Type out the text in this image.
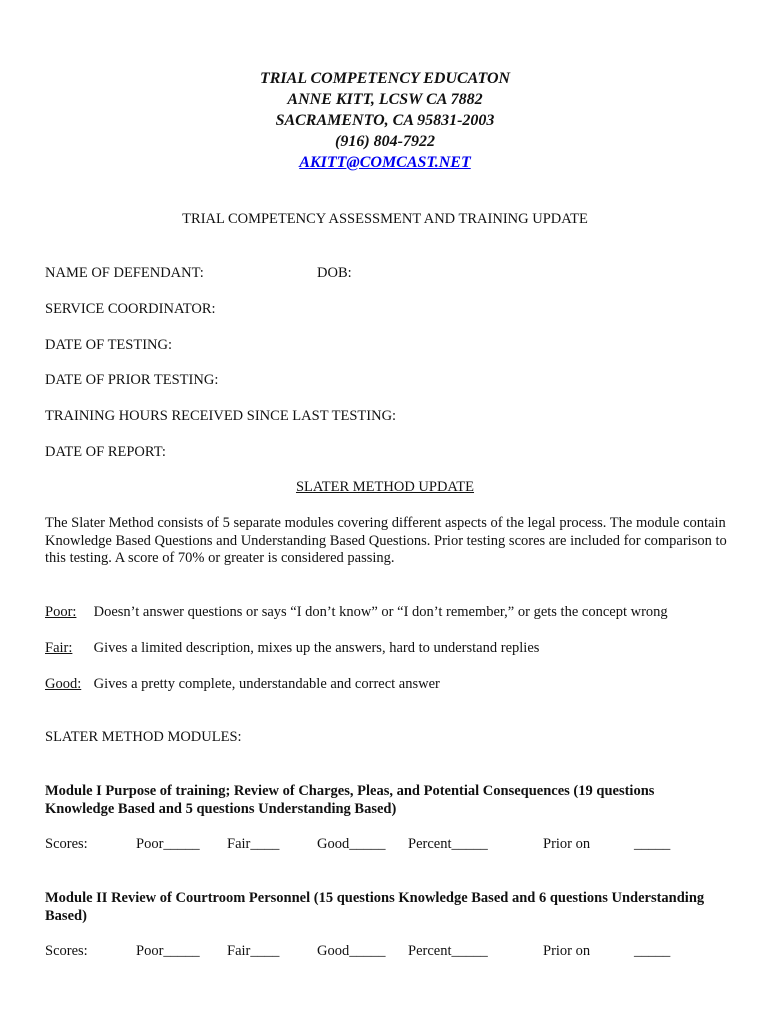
TRIAL COMPETENCY EDUCATON
ANNE KITT, LCSW CA 7882
SACRAMENTO, CA 95831-2003
(916) 804-7922
AKITT@COMCAST.NET
TRIAL COMPETENCY ASSESSMENT AND TRAINING UPDATE
NAME OF DEFENDANT:	DOB:
SERVICE COORDINATOR:
DATE OF TESTING:
DATE OF PRIOR TESTING:
TRAINING HOURS RECEIVED SINCE LAST TESTING:
DATE OF REPORT:
SLATER METHOD UPDATE
The Slater Method consists of 5 separate modules covering different aspects of the legal process. The module contain Knowledge Based Questions and Understanding Based Questions. Prior testing scores are included for comparison to this testing. A score of 70% or greater is considered passing.
Poor: Doesn’t answer questions or says “I don’t know” or “I don’t remember,” or gets the concept wrong
Fair: Gives a limited description, mixes up the answers, hard to understand replies
Good: Gives a pretty complete, understandable and correct answer
SLATER METHOD MODULES:
Module I Purpose of training; Review of Charges, Pleas, and Potential Consequences (19 questions Knowledge Based and 5 questions Understanding Based)
Scores:	Poor_____ Fair____	Good_____ Percent_____	Prior on	_____
Module II Review of Courtroom Personnel (15 questions Knowledge Based and 6 questions Understanding Based)
Scores:	Poor_____ Fair____	Good_____ Percent_____	Prior on	_____
